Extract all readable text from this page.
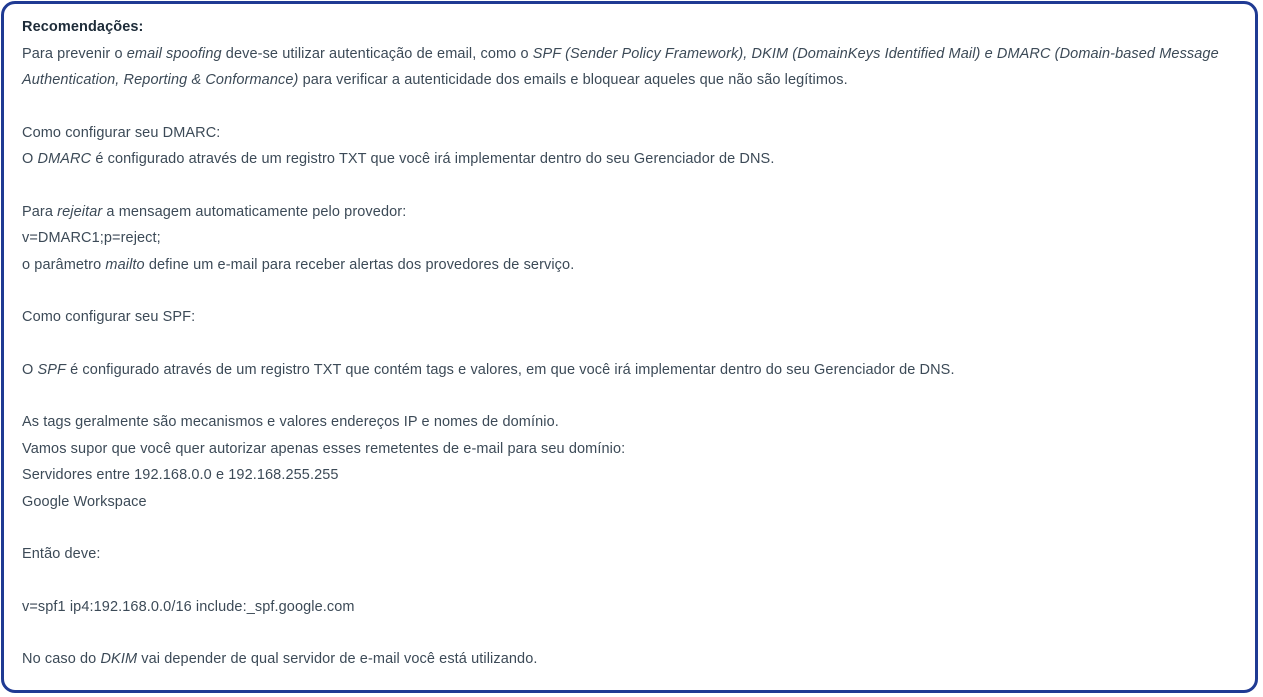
Recomendações:

Para prevenir o email spoofing deve-se utilizar autenticação de email, como o SPF (Sender Policy Framework), DKIM (DomainKeys Identified Mail) e DMARC (Domain-based Message Authentication, Reporting & Conformance) para verificar a autenticidade dos emails e bloquear aqueles que não são legítimos.

Como configurar seu DMARC:

O DMARC é configurado através de um registro TXT que você irá implementar dentro do seu Gerenciador de DNS.

Para rejeitar a mensagem automaticamente pelo provedor:

v=DMARC1;p=reject;

o parâmetro mailto define um e-mail para receber alertas dos provedores de serviço.

Como configurar seu SPF:

O SPF é configurado através de um registro TXT que contém tags e valores, em que você irá implementar dentro do seu Gerenciador de DNS.

As tags geralmente são mecanismos e valores endereços IP e nomes de domínio.

Vamos supor que você quer autorizar apenas esses remetentes de e-mail para seu domínio:

Servidores entre 192.168.0.0 e 192.168.255.255

Google Workspace

Então deve:

v=spf1 ip4:192.168.0.0/16 include:_spf.google.com

No caso do DKIM vai depender de qual servidor de e-mail você está utilizando.
